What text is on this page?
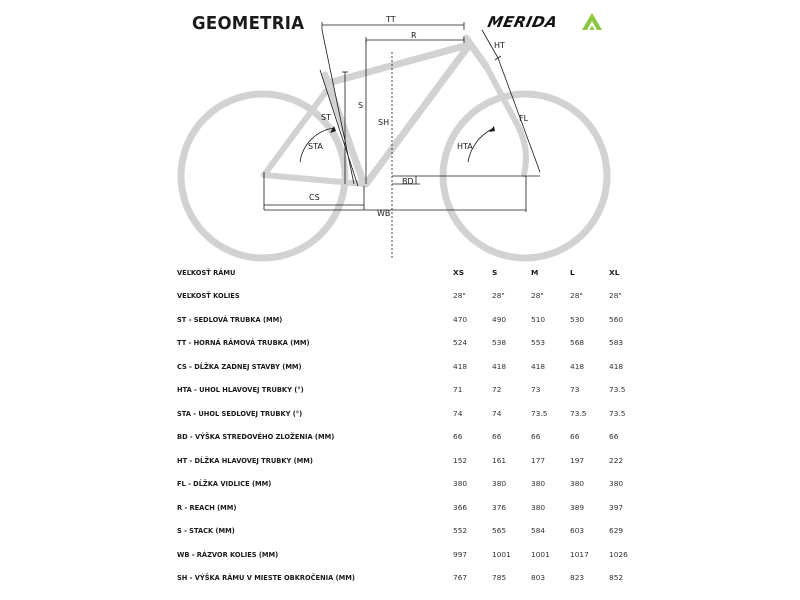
GEOMETRIA	MERIDA
TT
R
HT
S
SH
ST
STA	HTA
FL
BD
CS
WB
VEĽKOSŤ RÁMU	XS	S	M	L	XL
VEĽKOSŤ KOLIES	28"	28"	28"	28"	28"
ST - SEDLOVÁ TRUBKA (MM)	470	490	510	530	560
TT - HORNÁ RÁMOVÁ TRUBKA (MM)	524	538	553	568	583
CS - DĹŽKA ZADNEJ STAVBY (MM)	418	418	418	418	418
HTA - UHOL HLAVOVEJ TRUBKY (°)	71	72	73	73	73.5
STA - UHOL SEDLOVEJ TRUBKY (°)	74	74	73.5	73.5	73.5
BD - VÝŠKA STREDOVÉHO ZLOŽENIA (MM)	66	66	66	66	66
HT - DĹŽKA HLAVOVEJ TRUBKY (MM)	152	161	177	197	222
FL - DĹŽKA VIDLICE (MM)	380	380	380	380	380
R - REACH (MM)	366	376	380	389	397
S - STACK (MM)	552	565	584	603	629
WB - RÁZVOR KOLIES (MM)	997	1001	1001	1017	1026
SH - VÝŠKA RÁMU V MIESTE OBKROČENIA (MM)	767	785	803	823	852
